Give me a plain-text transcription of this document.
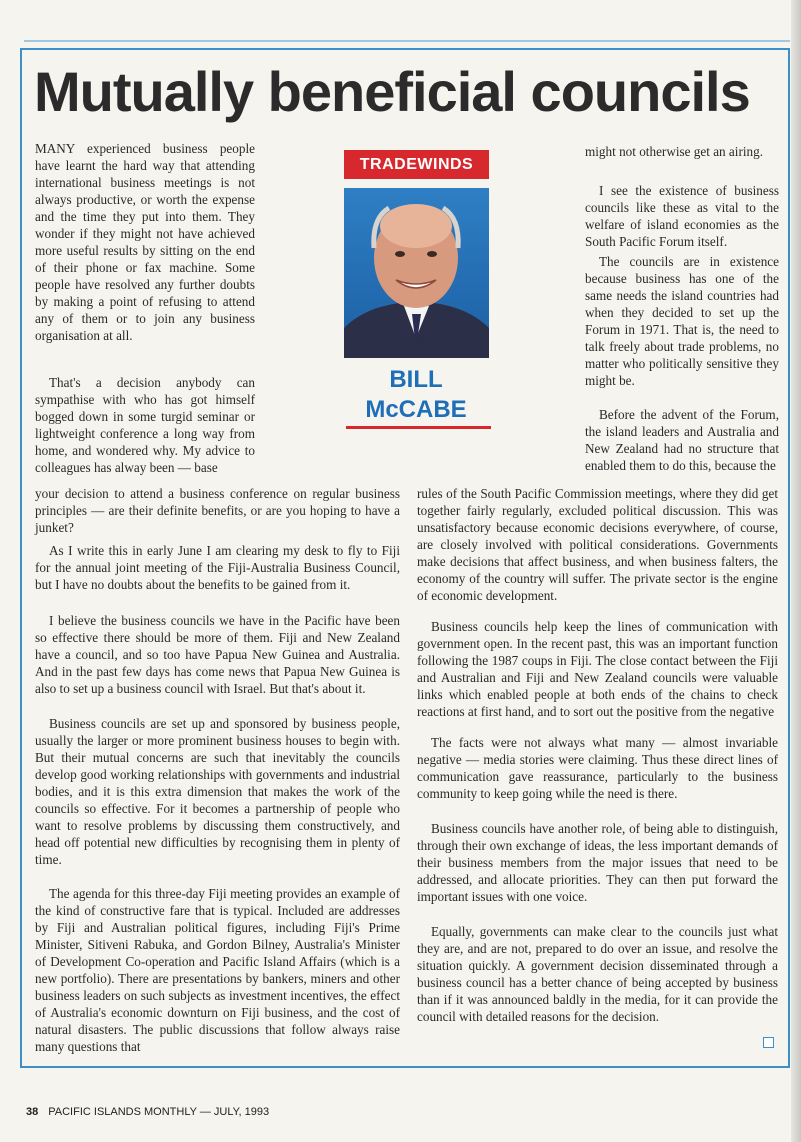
Mutually beneficial councils

MANY experienced business people have learnt the hard way that attending international business meetings is not always productive, or worth the expense and the time they put into them. They wonder if they might not have achieved more useful results by sitting on the end of their phone or fax machine. Some people have resolved any further doubts by making a point of refusing to attend any of them or to join any business organisation at all.

That's a decision anybody can sympathise with who has got himself bogged down in some turgid seminar or lightweight conference a long way from home, and wondered why. My advice to colleagues has alway been — base

TRADEWINDS
BILL
McCABE

might not otherwise get an airing.

I see the existence of business councils like these as vital to the welfare of island economies as the South Pacific Forum itself.

The councils are in existence because business has one of the same needs the island countries had when they decided to set up the Forum in 1971. That is, the need to talk freely about trade problems, no matter who politically sensitive they might be.

Before the advent of the Forum, the island leaders and Australia and New Zealand had no structure that enabled them to do this, because the

your decision to attend a business conference on regular business principles — are their definite benefits, or are you hoping to have a junket?

As I write this in early June I am clearing my desk to fly to Fiji for the annual joint meeting of the Fiji-Australia Business Council, but I have no doubts about the benefits to be gained from it.

I believe the business councils we have in the Pacific have been so effective there should be more of them. Fiji and New Zealand have a council, and so too have Papua New Guinea and Australia. And in the past few days has come news that Papua New Guinea is also to set up a business council with Israel. But that's about it.

Business councils are set up and sponsored by business people, usually the larger or more prominent business houses to begin with. But their mutual concerns are such that inevitably the councils develop good working relationships with governments and industrial bodies, and it is this extra dimension that makes the work of the councils so effective. For it becomes a partnership of people who want to resolve problems by discussing them constructively, and head off potential new difficulties by recognising them in plenty of time.

The agenda for this three-day Fiji meeting provides an example of the kind of constructive fare that is typical. Included are addresses by Fiji and Australian political figures, including Fiji's Prime Minister, Sitiveni Rabuka, and Gordon Bilney, Australia's Minister of Development Co-operation and Pacific Island Affairs (which is a new portfolio). There are presentations by bankers, miners and other business leaders on such subjects as investment incentives, the effect of Australia's economic downturn on Fiji business, and the cost of natural disasters. The public discussions that follow always raise many questions that

rules of the South Pacific Commission meetings, where they did get together fairly regularly, excluded political discussion. This was unsatisfactory because economic decisions everywhere, of course, are closely involved with political considerations. Governments make decisions that affect business, and when business falters, the economy of the country will suffer. The private sector is the engine of economic development.

Business councils help keep the lines of communication with government open. In the recent past, this was an important function following the 1987 coups in Fiji. The close contact between the Fiji and Australian and Fiji and New Zealand councils were valuable links which enabled people at both ends of the chains to check reactions at first hand, and to sort out the positive from the negative

The facts were not always what many — almost invariable negative — media stories were claiming. Thus these direct lines of communication gave reassurance, particularly to the business community to keep going while the need is there.

Business councils have another role, of being able to distinguish, through their own exchange of ideas, the less important demands of their business members from the major issues that need to be addressed, and allocate priorities. They can then put forward the important issues with one voice.

Equally, governments can make clear to the councils just what they are, and are not, prepared to do over an issue, and resolve the situation quickly. A government decision disseminated through a business council has a better chance of being accepted by business than if it was announced baldly in the media, for it can provide the council with detailed reasons for the decision.

38 PACIFIC ISLANDS MONTHLY — JULY, 1993
